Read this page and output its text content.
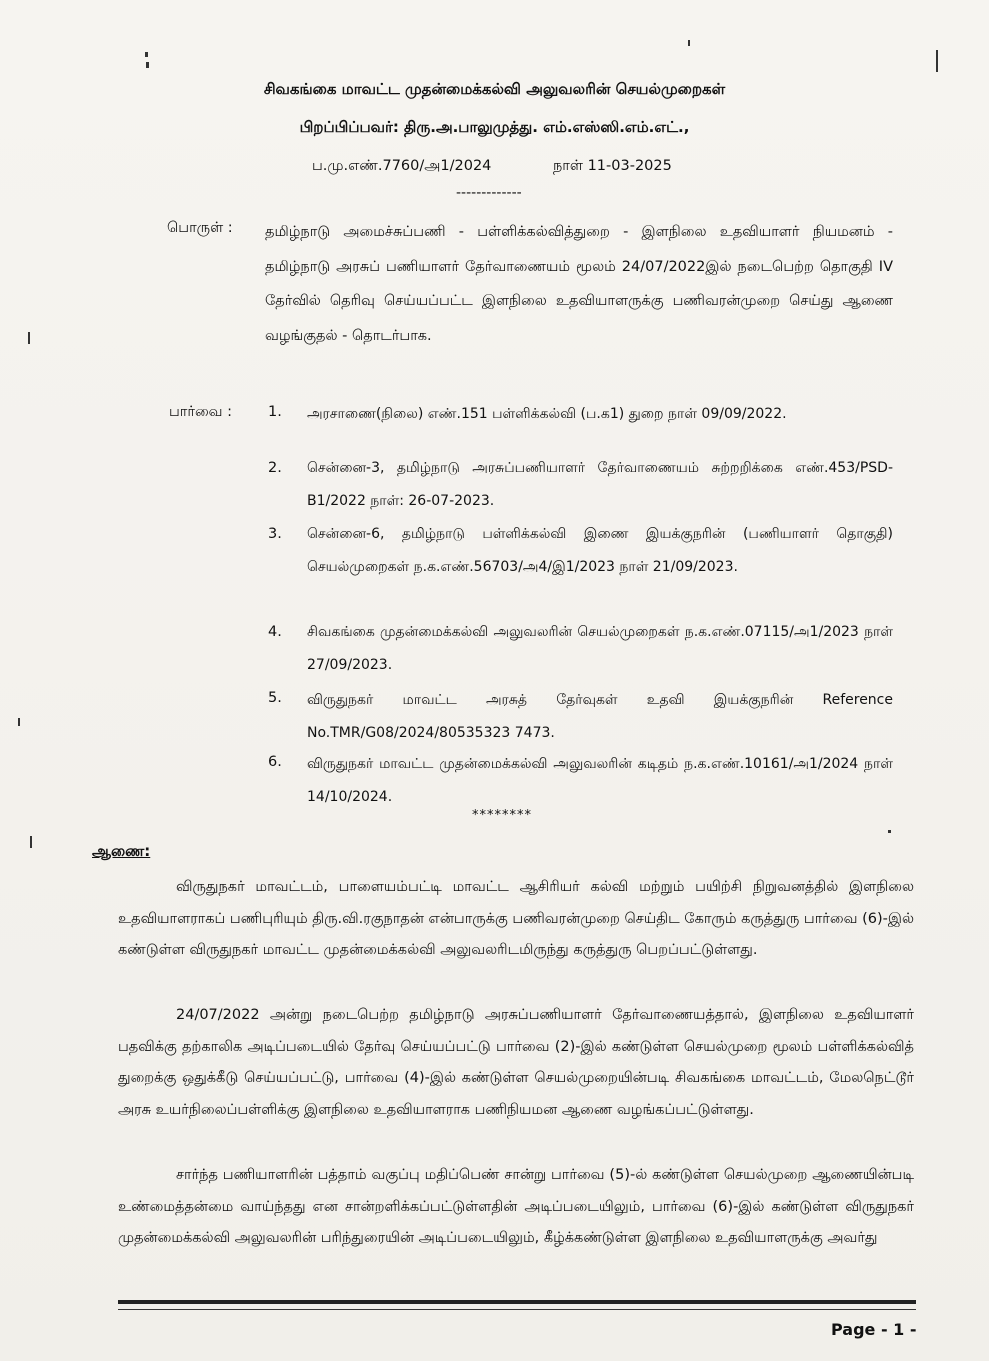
சிவகங்கை மாவட்ட முதன்மைக்கல்வி அலுவலரின் செயல்முறைகள்
பிறப்பிப்பவர்: திரு.அ.பாலுமுத்து. எம்.எஸ்ஸி.எம்.எட்.,
ப.மு.எண்.7760/அ1/2024	நாள் 11-03-2025
-------------
பொருள் : தமிழ்நாடு அமைச்சுப்பணி - பள்ளிக்கல்வித்துறை - இளநிலை உதவியாளர் நியமனம் - தமிழ்நாடு அரசுப் பணியாளர் தேர்வாணையம் மூலம் 24/07/2022இல் நடைபெற்ற தொகுதி IV தேர்வில் தெரிவு செய்யப்பட்ட இளநிலை உதவியாளருக்கு பணிவரன்முறை செய்து ஆணை வழங்குதல் - தொடர்பாக.
பார்வை : 1. அரசாணை(நிலை) எண்.151 பள்ளிக்கல்வி (ப.க1) துறை நாள் 09/09/2022.
2. சென்னை-3, தமிழ்நாடு அரசுப்பணியாளர் தேர்வாணையம் சுற்றறிக்கை எண்.453/PSD-B1/2022 நாள்: 26-07-2023.
3. சென்னை-6, தமிழ்நாடு பள்ளிக்கல்வி இணை இயக்குநரின் (பணியாளர் தொகுதி) செயல்முறைகள் ந.க.எண்.56703/அ4/இ1/2023 நாள் 21/09/2023.
4. சிவகங்கை முதன்மைக்கல்வி அலுவலரின் செயல்முறைகள் ந.க.எண்.07115/அ1/2023 நாள் 27/09/2023.
5. விருதுநகர் மாவட்ட அரசுத் தேர்வுகள் உதவி இயக்குநரின் Reference No.TMR/G08/2024/80535323 7473.
6. விருதுநகர் மாவட்ட முதன்மைக்கல்வி அலுவலரின் கடிதம் ந.க.எண்.10161/அ1/2024 நாள் 14/10/2024.
********
ஆணை:
விருதுநகர் மாவட்டம், பாளையம்பட்டி மாவட்ட ஆசிரியர் கல்வி மற்றும் பயிற்சி நிறுவனத்தில் இளநிலை உதவியாளராகப் பணிபுரியும் திரு.வி.ரகுநாதன் என்பாருக்கு பணிவரன்முறை செய்திட கோரும் கருத்துரு பார்வை (6)-இல் கண்டுள்ள விருதுநகர் மாவட்ட முதன்மைக்கல்வி அலுவலரிடமிருந்து கருத்துரு பெறப்பட்டுள்ளது.
24/07/2022 அன்று நடைபெற்ற தமிழ்நாடு அரசுப்பணியாளர் தேர்வாணையத்தால், இளநிலை உதவியாளர் பதவிக்கு தற்காலிக அடிப்படையில் தேர்வு செய்யப்பட்டு பார்வை (2)-இல் கண்டுள்ள செயல்முறை மூலம் பள்ளிக்கல்வித் துறைக்கு ஒதுக்கீடு செய்யப்பட்டு, பார்வை (4)-இல் கண்டுள்ள செயல்முறையின்படி சிவகங்கை மாவட்டம், மேலநெட்டூர் அரசு உயர்நிலைப்பள்ளிக்கு இளநிலை உதவியாளராக பணிநியமன ஆணை வழங்கப்பட்டுள்ளது.
சார்ந்த பணியாளரின் பத்தாம் வகுப்பு மதிப்பெண் சான்று பார்வை (5)-ல் கண்டுள்ள செயல்முறை ஆணையின்படி உண்மைத்தன்மை வாய்ந்தது என சான்றளிக்கப்பட்டுள்ளதின் அடிப்படையிலும், பார்வை (6)-இல் கண்டுள்ள விருதுநகர் முதன்மைக்கல்வி அலுவலரின் பரிந்துரையின் அடிப்படையிலும், கீழ்க்கண்டுள்ள இளநிலை உதவியாளருக்கு அவர்து
Page - 1 -
